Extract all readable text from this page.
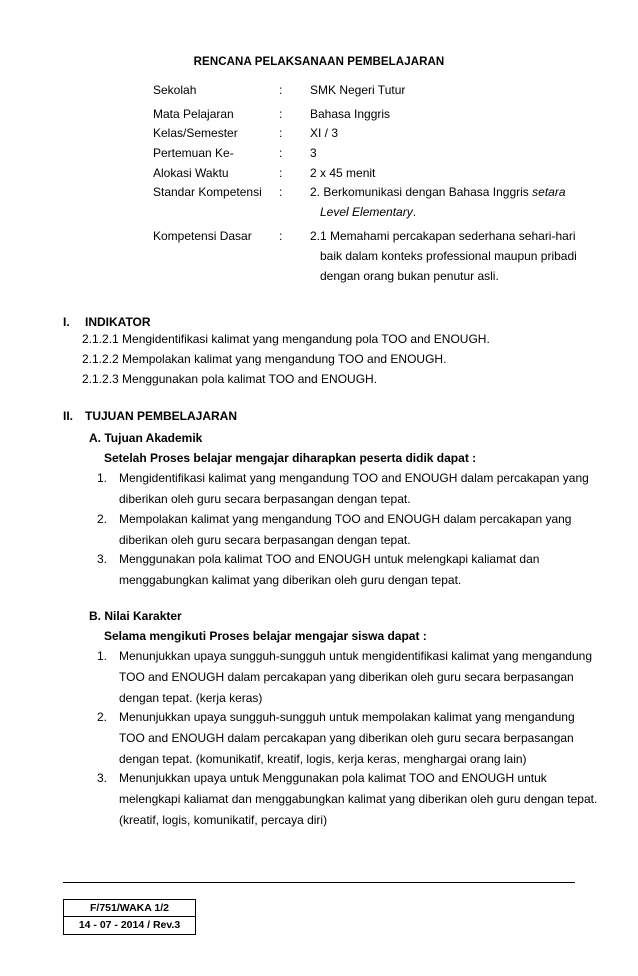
RENCANA PELAKSANAAN PEMBELAJARAN
Sekolah	: SMK Negeri Tutur
Mata Pelajaran	: Bahasa Inggris
Kelas/Semester	: XI / 3
Pertemuan Ke-	: 3
Alokasi Waktu	: 2 x 45 menit
Standar Kompetensi : 2. Berkomunikasi dengan Bahasa Inggris setara
Level Elementary.
Kompetensi Dasar : 2.1 Memahami percakapan sederhana sehari-hari
baik dalam konteks professional maupun pribadi
dengan orang bukan penutur asli.
I. INDIKATOR
2.1.2.1 Mengidentifikasi kalimat yang mengandung pola TOO and ENOUGH.
2.1.2.2 Mempolakan kalimat yang mengandung TOO and ENOUGH.
2.1.2.3 Menggunakan pola kalimat TOO and ENOUGH.
II. TUJUAN PEMBELAJARAN
A. Tujuan Akademik
Setelah Proses belajar mengajar diharapkan peserta didik dapat :
1. Mengidentifikasi kalimat yang mengandung TOO and ENOUGH dalam percakapan yang
diberikan oleh guru secara berpasangan dengan tepat.
2. Mempolakan kalimat yang mengandung TOO and ENOUGH dalam percakapan yang
diberikan oleh guru secara berpasangan dengan tepat.
3. Menggunakan pola kalimat TOO and ENOUGH untuk melengkapi kaliamat dan
menggabungkan kalimat yang diberikan oleh guru dengan tepat.
B. Nilai Karakter
Selama mengikuti Proses belajar mengajar siswa dapat :
1. Menunjukkan upaya sungguh-sungguh untuk mengidentifikasi kalimat yang mengandung
TOO and ENOUGH dalam percakapan yang diberikan oleh guru secara berpasangan
dengan tepat. (kerja keras)
2. Menunjukkan upaya sungguh-sungguh untuk mempolakan kalimat yang mengandung
TOO and ENOUGH dalam percakapan yang diberikan oleh guru secara berpasangan
dengan tepat. (komunikatif, kreatif, logis, kerja keras, menghargai orang lain)
3. Menunjukkan upaya untuk Menggunakan pola kalimat TOO and ENOUGH untuk
melengkapi kaliamat dan menggabungkan kalimat yang diberikan oleh guru dengan tepat.
(kreatif, logis, komunikatif, percaya diri)
F/751/WAKA 1/2
14 - 07 - 2014 / Rev.3
